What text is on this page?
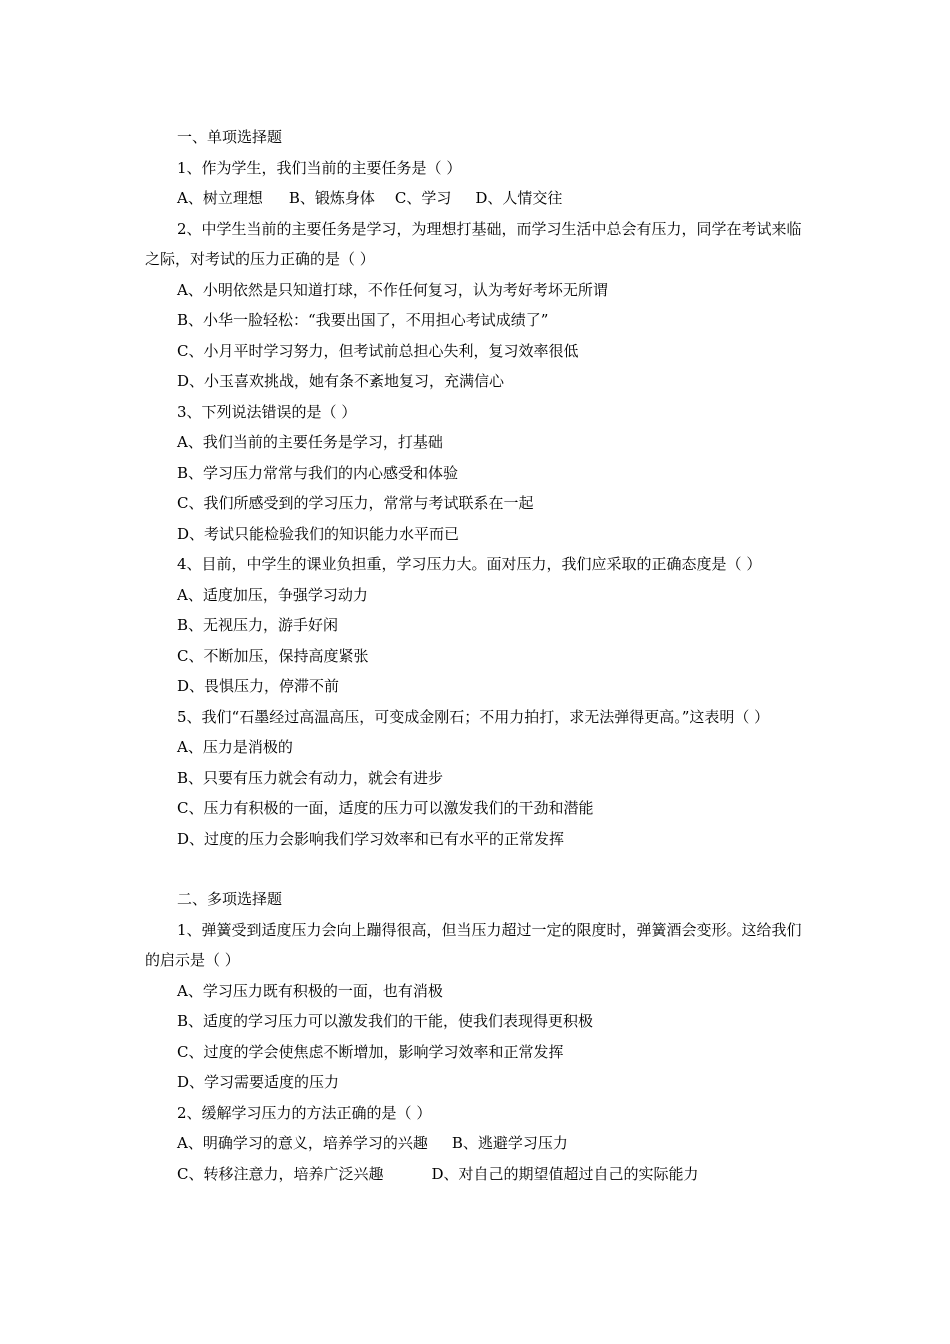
一、单项选择题

1、作为学生，我们当前的主要任务是（ ）

A、树立理想 B、锻炼身体 C、学习 D、人情交往

2、中学生当前的主要任务是学习，为理想打基础，而学习生活中总会有压力，同学在考试来临之际，对考试的压力正确的是（ ）

A、小明依然是只知道打球，不作任何复习，认为考好考坏无所谓

B、小华一脸轻松：“我要出国了，不用担心考试成绩了”

C、小月平时学习努力，但考试前总担心失利，复习效率很低

D、小玉喜欢挑战，她有条不紊地复习，充满信心

3、下列说法错误的是（ ）

A、我们当前的主要任务是学习，打基础

B、学习压力常常与我们的内心感受和体验

C、我们所感受到的学习压力，常常与考试联系在一起

D、考试只能检验我们的知识能力水平而已

4、目前，中学生的课业负担重，学习压力大。面对压力，我们应采取的正确态度是（ ）

A、适度加压，争强学习动力

B、无视压力，游手好闲

C、不断加压，保持高度紧张

D、畏惧压力，停滞不前

5、我们“石墨经过高温高压，可变成金刚石；不用力拍打，求无法弹得更高。”这表明（ ）

A、压力是消极的

B、只要有压力就会有动力，就会有进步

C、压力有积极的一面，适度的压力可以激发我们的干劲和潜能

D、过度的压力会影响我们学习效率和已有水平的正常发挥

二、多项选择题

1、弹簧受到适度压力会向上蹦得很高，但当压力超过一定的限度时，弹簧酒会变形。这给我们的启示是（ ）

A、学习压力既有积极的一面，也有消极

B、适度的学习压力可以激发我们的干能，使我们表现得更积极

C、过度的学会使焦虑不断增加，影响学习效率和正常发挥

D、学习需要适度的压力

2、缓解学习压力的方法正确的是（ ）

A、明确学习的意义，培养学习的兴趣 B、逃避学习压力

C、转移注意力，培养广泛兴趣	D、对自己的期望值超过自己的实际能力
